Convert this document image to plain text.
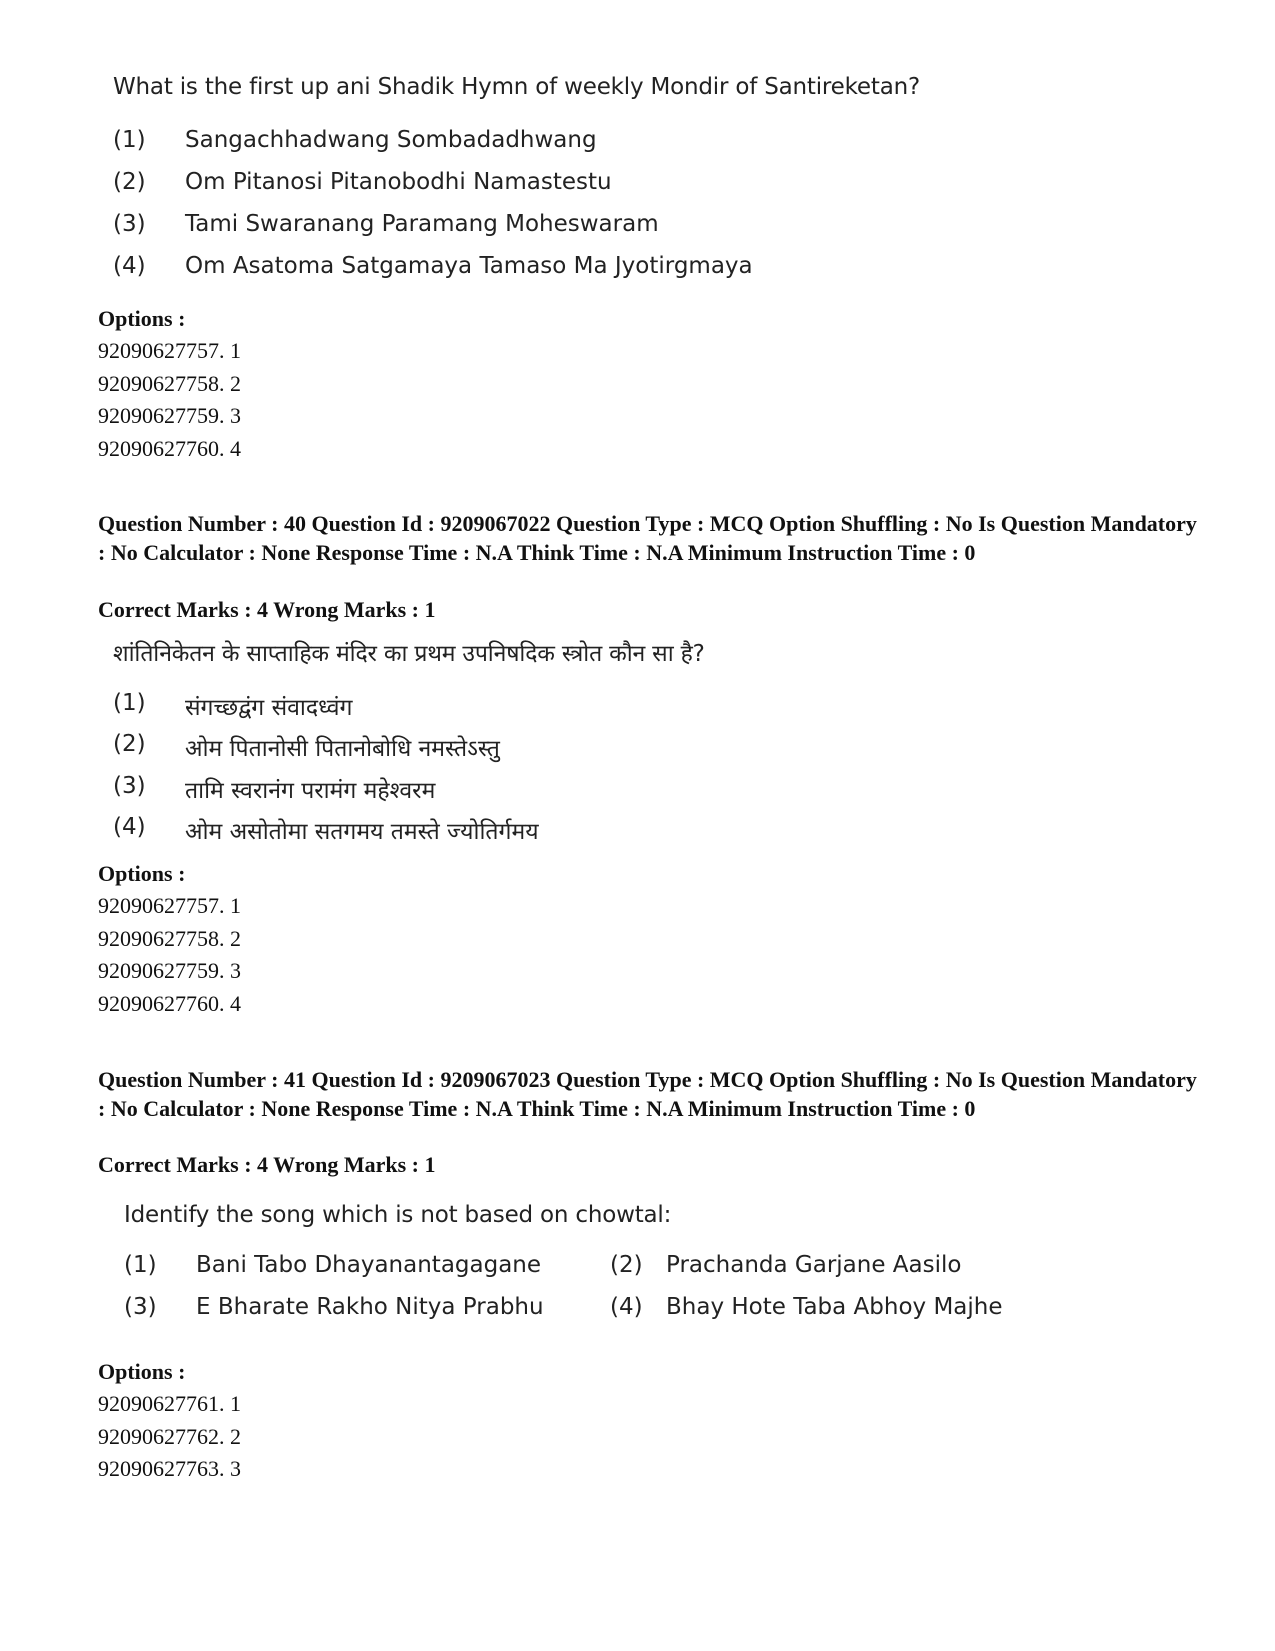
What is the first up ani Shadik Hymn of weekly Mondir of Santireketan?
(1) Sangachhadwang Sombadadhwang
(2) Om Pitanosi Pitanobodhi Namastestu
(3) Tami Swaranang Paramang Moheswaram
(4) Om Asatoma Satgamaya Tamaso Ma Jyotirgmaya
Options :
92090627757. 1
92090627758. 2
92090627759. 3
92090627760. 4
Question Number : 40 Question Id : 9209067022 Question Type : MCQ Option Shuffling : No Is Question Mandatory : No Calculator : None Response Time : N.A Think Time : N.A Minimum Instruction Time : 0
Correct Marks : 4 Wrong Marks : 1
शांतिनिकेतन के साप्ताहिक मंदिर का प्रथम उपनिषदिक स्त्रोत कौन सा है?
(1) संगच्छद्वंग संवादध्वंग
(2) ओम पितानोसी पितानोबोधि नमस्तेऽस्तु
(3) तामि स्वरानंग परामंग महेश्वरम
(4) ओम असोतोमा सतगमय तमस्ते ज्योतिर्गमय
Options :
92090627757. 1
92090627758. 2
92090627759. 3
92090627760. 4
Question Number : 41 Question Id : 9209067023 Question Type : MCQ Option Shuffling : No Is Question Mandatory : No Calculator : None Response Time : N.A Think Time : N.A Minimum Instruction Time : 0
Correct Marks : 4 Wrong Marks : 1
Identify the song which is not based on chowtal:
(1) Bani Tabo Dhayanantagagane	(2) Prachanda Garjane Aasilo
(3) E Bharate Rakho Nitya Prabhu	(4) Bhay Hote Taba Abhoy Majhe
Options :
92090627761. 1
92090627762. 2
92090627763. 3
